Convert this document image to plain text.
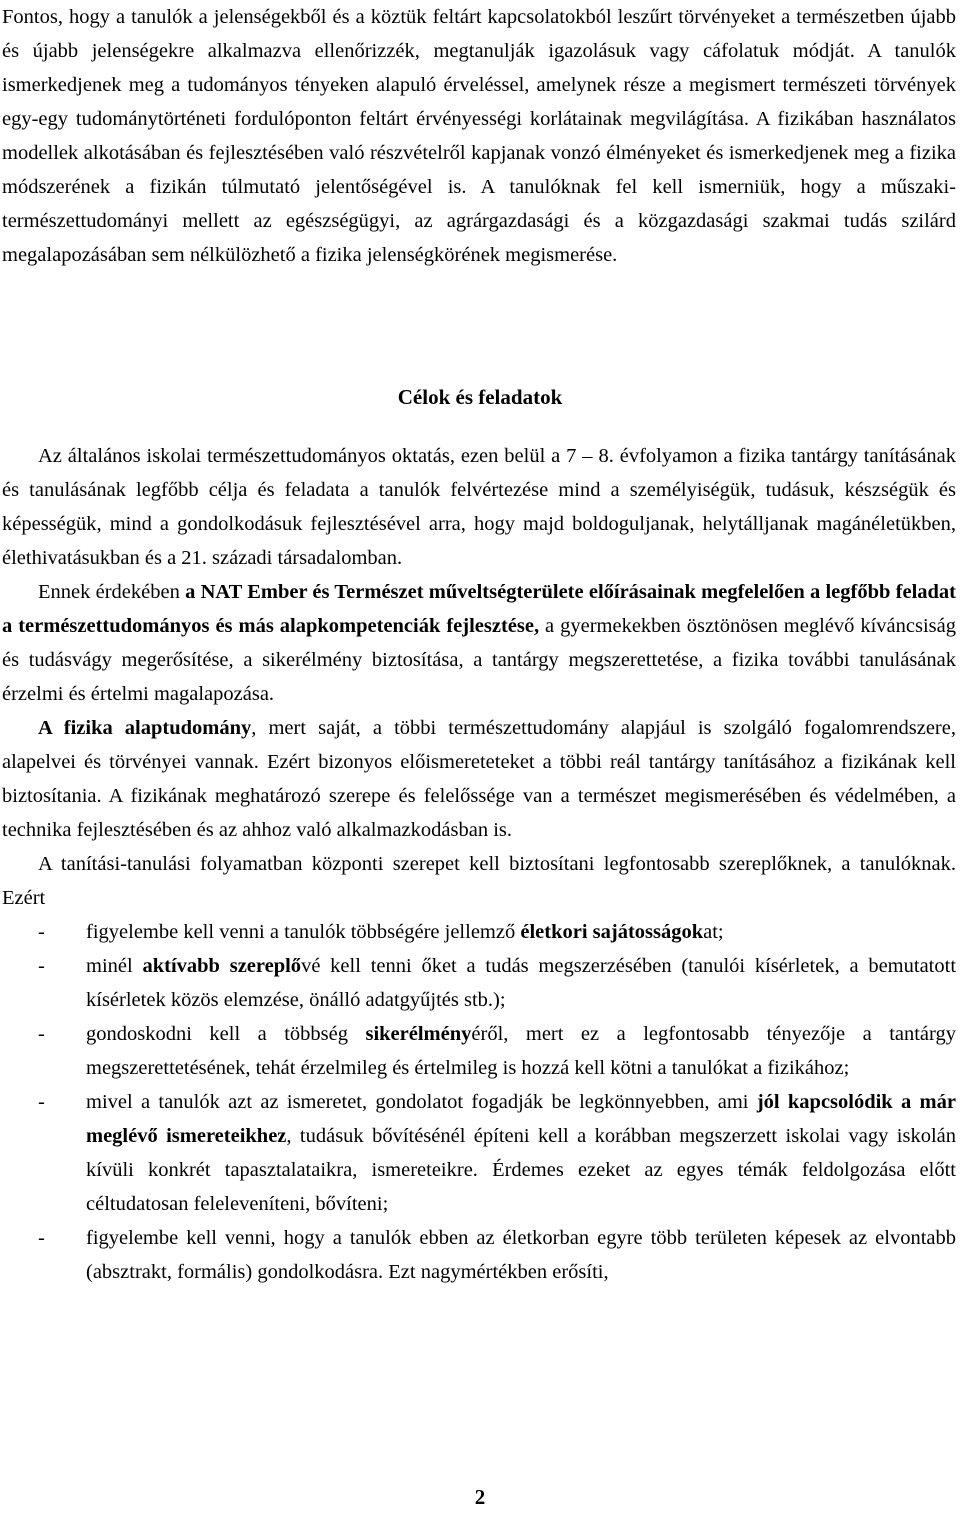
Fontos, hogy a tanulók a jelenségekből és a köztük feltárt kapcsolatokból leszűrt törvényeket a természetben újabb és újabb jelenségekre alkalmazva ellenőrizzék, megtanulják igazolásuk vagy cáfolatuk módját. A tanulók ismerkedjenek meg a tudományos tényeken alapuló érveléssel, amelynek része a megismert természeti törvények egy-egy tudománytörténeti fordulóponton feltárt érvényességi korlátainak megvilágítása. A fizikában használatos modellek alkotásában és fejlesztésében való részvételről kapjanak vonzó élményeket és ismerkedjenek meg a fizika módszerének a fizikán túlmutató jelentőségével is. A tanulóknak fel kell ismerniük, hogy a műszaki-természettudományi mellett az egészségügyi, az agrárgazdasági és a közgazdasági szakmai tudás szilárd megalapozásában sem nélkülözhető a fizika jelenségkörének megismerése.

Célok és feladatok

Az általános iskolai természettudományos oktatás, ezen belül a 7 – 8. évfolyamon a fizika tantárgy tanításának és tanulásának legfőbb célja és feladata a tanulók felvértezése mind a személyiségük, tudásuk, készségük és képességük, mind a gondolkodásuk fejlesztésével arra, hogy majd boldoguljanak, helytálljanak magánéletükben, élethivatásukban és a 21. századi társadalomban.

Ennek érdekében a NAT Ember és Természet műveltségterülete előírásainak megfelelően a legfőbb feladat a természettudományos és más alapkompetenciák fejlesztése, a gyermekekben ösztönösen meglévő kíváncsiság és tudásvágy megerősítése, a sikerélmény biztosítása, a tantárgy megszerettetése, a fizika további tanulásának érzelmi és értelmi magalapozása.

A fizika alaptudomány, mert saját, a többi természettudomány alapjául is szolgáló fogalomrendszere, alapelvei és törvényei vannak. Ezért bizonyos előismereteteket a többi reál tantárgy tanításához a fizikának kell biztosítania. A fizikának meghatározó szerepe és felelőssége van a természet megismerésében és védelmében, a technika fejlesztésében és az ahhoz való alkalmazkodásban is.

A tanítási-tanulási folyamatban központi szerepet kell biztosítani legfontosabb szereplőknek, a tanulóknak. Ezért

- figyelembe kell venni a tanulók többségére jellemző életkori sajátosságokat;
- minél aktívabb szereplővé kell tenni őket a tudás megszerzésében (tanulói kísérletek, a bemutatott kísérletek közös elemzése, önálló adatgyűjtés stb.);
- gondoskodni kell a többség sikerélményéről, mert ez a legfontosabb tényezője a tantárgy megszerettetésének, tehát érzelmileg és értelmileg is hozzá kell kötni a tanulókat a fizikához;
- mivel a tanulók azt az ismeretet, gondolatot fogadják be legkönnyebben, ami jól kapcsolódik a már meglévő ismereteikhez, tudásuk bővítésénél építeni kell a korábban megszerzett iskolai vagy iskolán kívüli konkrét tapasztalataikra, ismereteikre. Érdemes ezeket az egyes témák feldolgozása előtt céltudatosan feleleveníteni, bővíteni;
- figyelembe kell venni, hogy a tanulók ebben az életkorban egyre több területen képesek az elvontabb (absztrakt, formális) gondolkodásra. Ezt nagymértékben erősíti,
2
